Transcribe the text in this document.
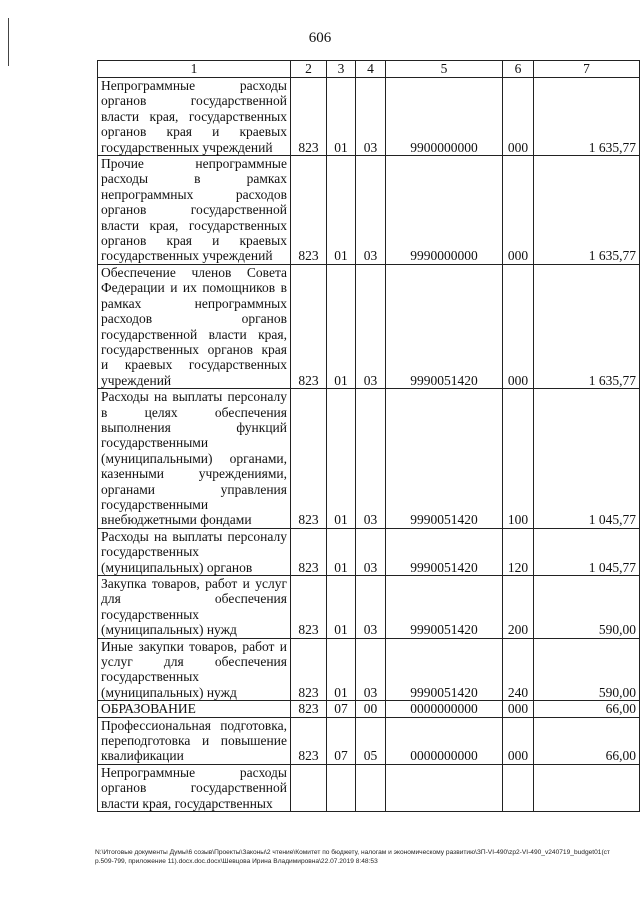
606
1	2	3	4	5	6	7
Непрограммные расходы органов государственной власти края, государственных органов края и краевых государственных учреждений	823	01	03	9900000000	000	1 635,77
Прочие непрограммные расходы в рамках непрограммных расходов органов государственной власти края, государственных органов края и краевых государственных учреждений	823	01	03	9990000000	000	1 635,77
Обеспечение членов Совета Федерации и их помощников в рамках непрограммных расходов органов государственной власти края, государственных органов края и краевых государственных учреждений	823	01	03	9990051420	000	1 635,77
Расходы на выплаты персоналу в целях обеспечения выполнения функций государственными (муниципальными) органами, казенными учреждениями, органами управления государственными внебюджетными фондами	823	01	03	9990051420	100	1 045,77
Расходы на выплаты персоналу государственных (муниципальных) органов	823	01	03	9990051420	120	1 045,77
Закупка товаров, работ и услуг для обеспечения государственных (муниципальных) нужд	823	01	03	9990051420	200	590,00
Иные закупки товаров, работ и услуг для обеспечения государственных (муниципальных) нужд	823	01	03	9990051420	240	590,00
ОБРАЗОВАНИЕ	823	07	00	0000000000	000	66,00
Профессиональная подготовка, переподготовка и повышение квалификации	823	07	05	0000000000	000	66,00
Непрограммные расходы органов государственной власти края, государственных						
N:\Итоговые документы Думы\6 созыв\Проекты\Законы\2 чтение\Комитет по бюджету, налогам и экономическому развитию\ЗП-VI-490\zp2-VI-490_v240719_budget01(стр.509-799, приложение 11).docx.doc.docx\Шевцова Ирина Владимировна\22.07.2019 8:48:53
